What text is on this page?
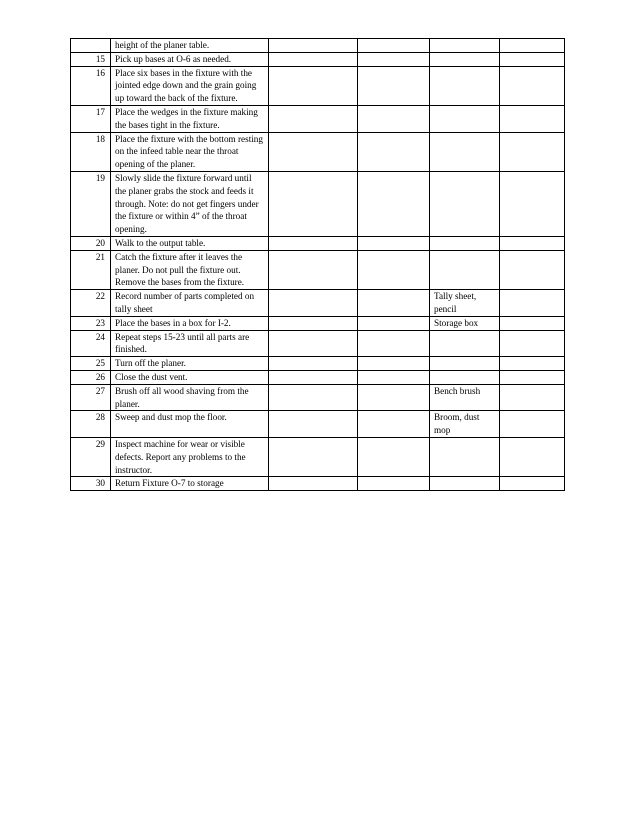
	height of the planer table.				
15	Pick up bases at O-6 as needed.				
16	Place six bases in the fixture with the jointed edge down and the grain going up toward the back of the fixture.				
17	Place the wedges in the fixture making the bases tight in the fixture.				
18	Place the fixture with the bottom resting on the infeed table near the throat opening of the planer.				
19	Slowly slide the fixture forward until the planer grabs the stock and feeds it through. Note: do not get fingers under the fixture or within 4” of the throat opening.				
20	Walk to the output table.				
21	Catch the fixture after it leaves the planer. Do not pull the fixture out. Remove the bases from the fixture.				
22	Record number of parts completed on tally sheet			Tally sheet, pencil	
23	Place the bases in a box for I-2.			Storage box	
24	Repeat steps 15-23 until all parts are finished.				
25	Turn off the planer.				
26	Close the dust vent.				
27	Brush off all wood shaving from the planer.			Bench brush	
28	Sweep and dust mop the floor.			Broom, dust mop	
29	Inspect machine for wear or visible defects. Report any problems to the instructor.				
30	Return Fixture O-7 to storage				
